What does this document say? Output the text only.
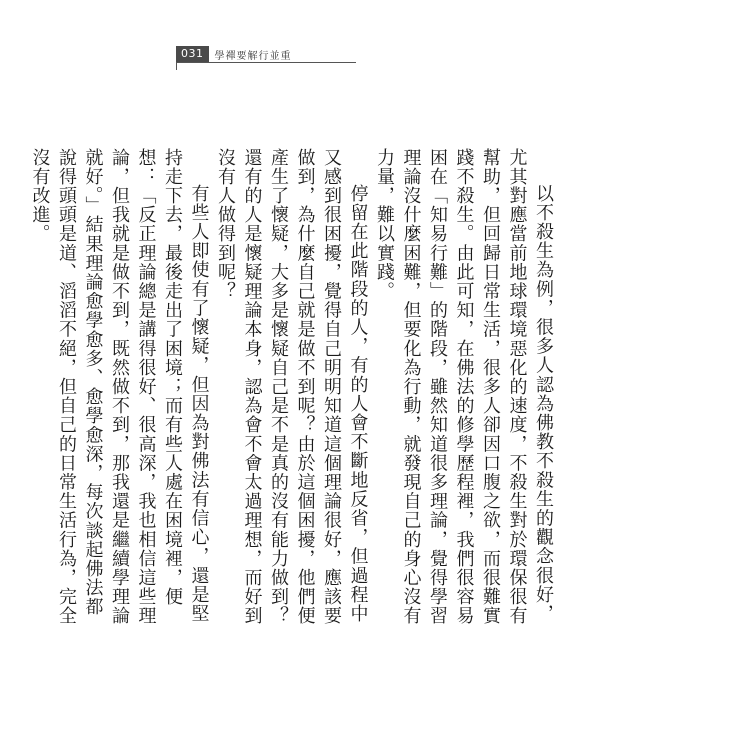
031	學禪要解行並重

以不殺生為例，很多人認為佛教不殺生的觀念很好，尤其對應當前地球環境惡化的速度，不殺生對於環保很有幫助，但回歸日常生活，很多人卻因口腹之欲，而很難實踐不殺生。由此可知，在佛法的修學歷程裡，我們很容易困在「知易行難」的階段，雖然知道很多理論，覺得學習理論沒什麼困難，但要化為行動，就發現自己的身心沒有力量，難以實踐。

停留在此階段的人，有的人會不斷地反省，但過程中又感到很困擾，覺得自己明明知道這個理論很好，應該要做到，為什麼自己就是做不到呢？由於這個困擾，他們便產生了懷疑，大多是懷疑自己是不是真的沒有能力做到？還有的人是懷疑理論本身，認為會不會太過理想，而好到沒有人做得到呢？

有些人即使有了懷疑，但因為對佛法有信心，還是堅持走下去，最後走出了困境；而有些人處在困境裡，便想：「反正理論總是講得很好、很高深，我也相信這些理論，但我就是做不到，既然做不到，那我還是繼續學理論就好。」結果理論愈學愈多、愈學愈深，每次談起佛法都說得頭頭是道、滔滔不絕，但自己的日常生活行為，完全沒有改進。
